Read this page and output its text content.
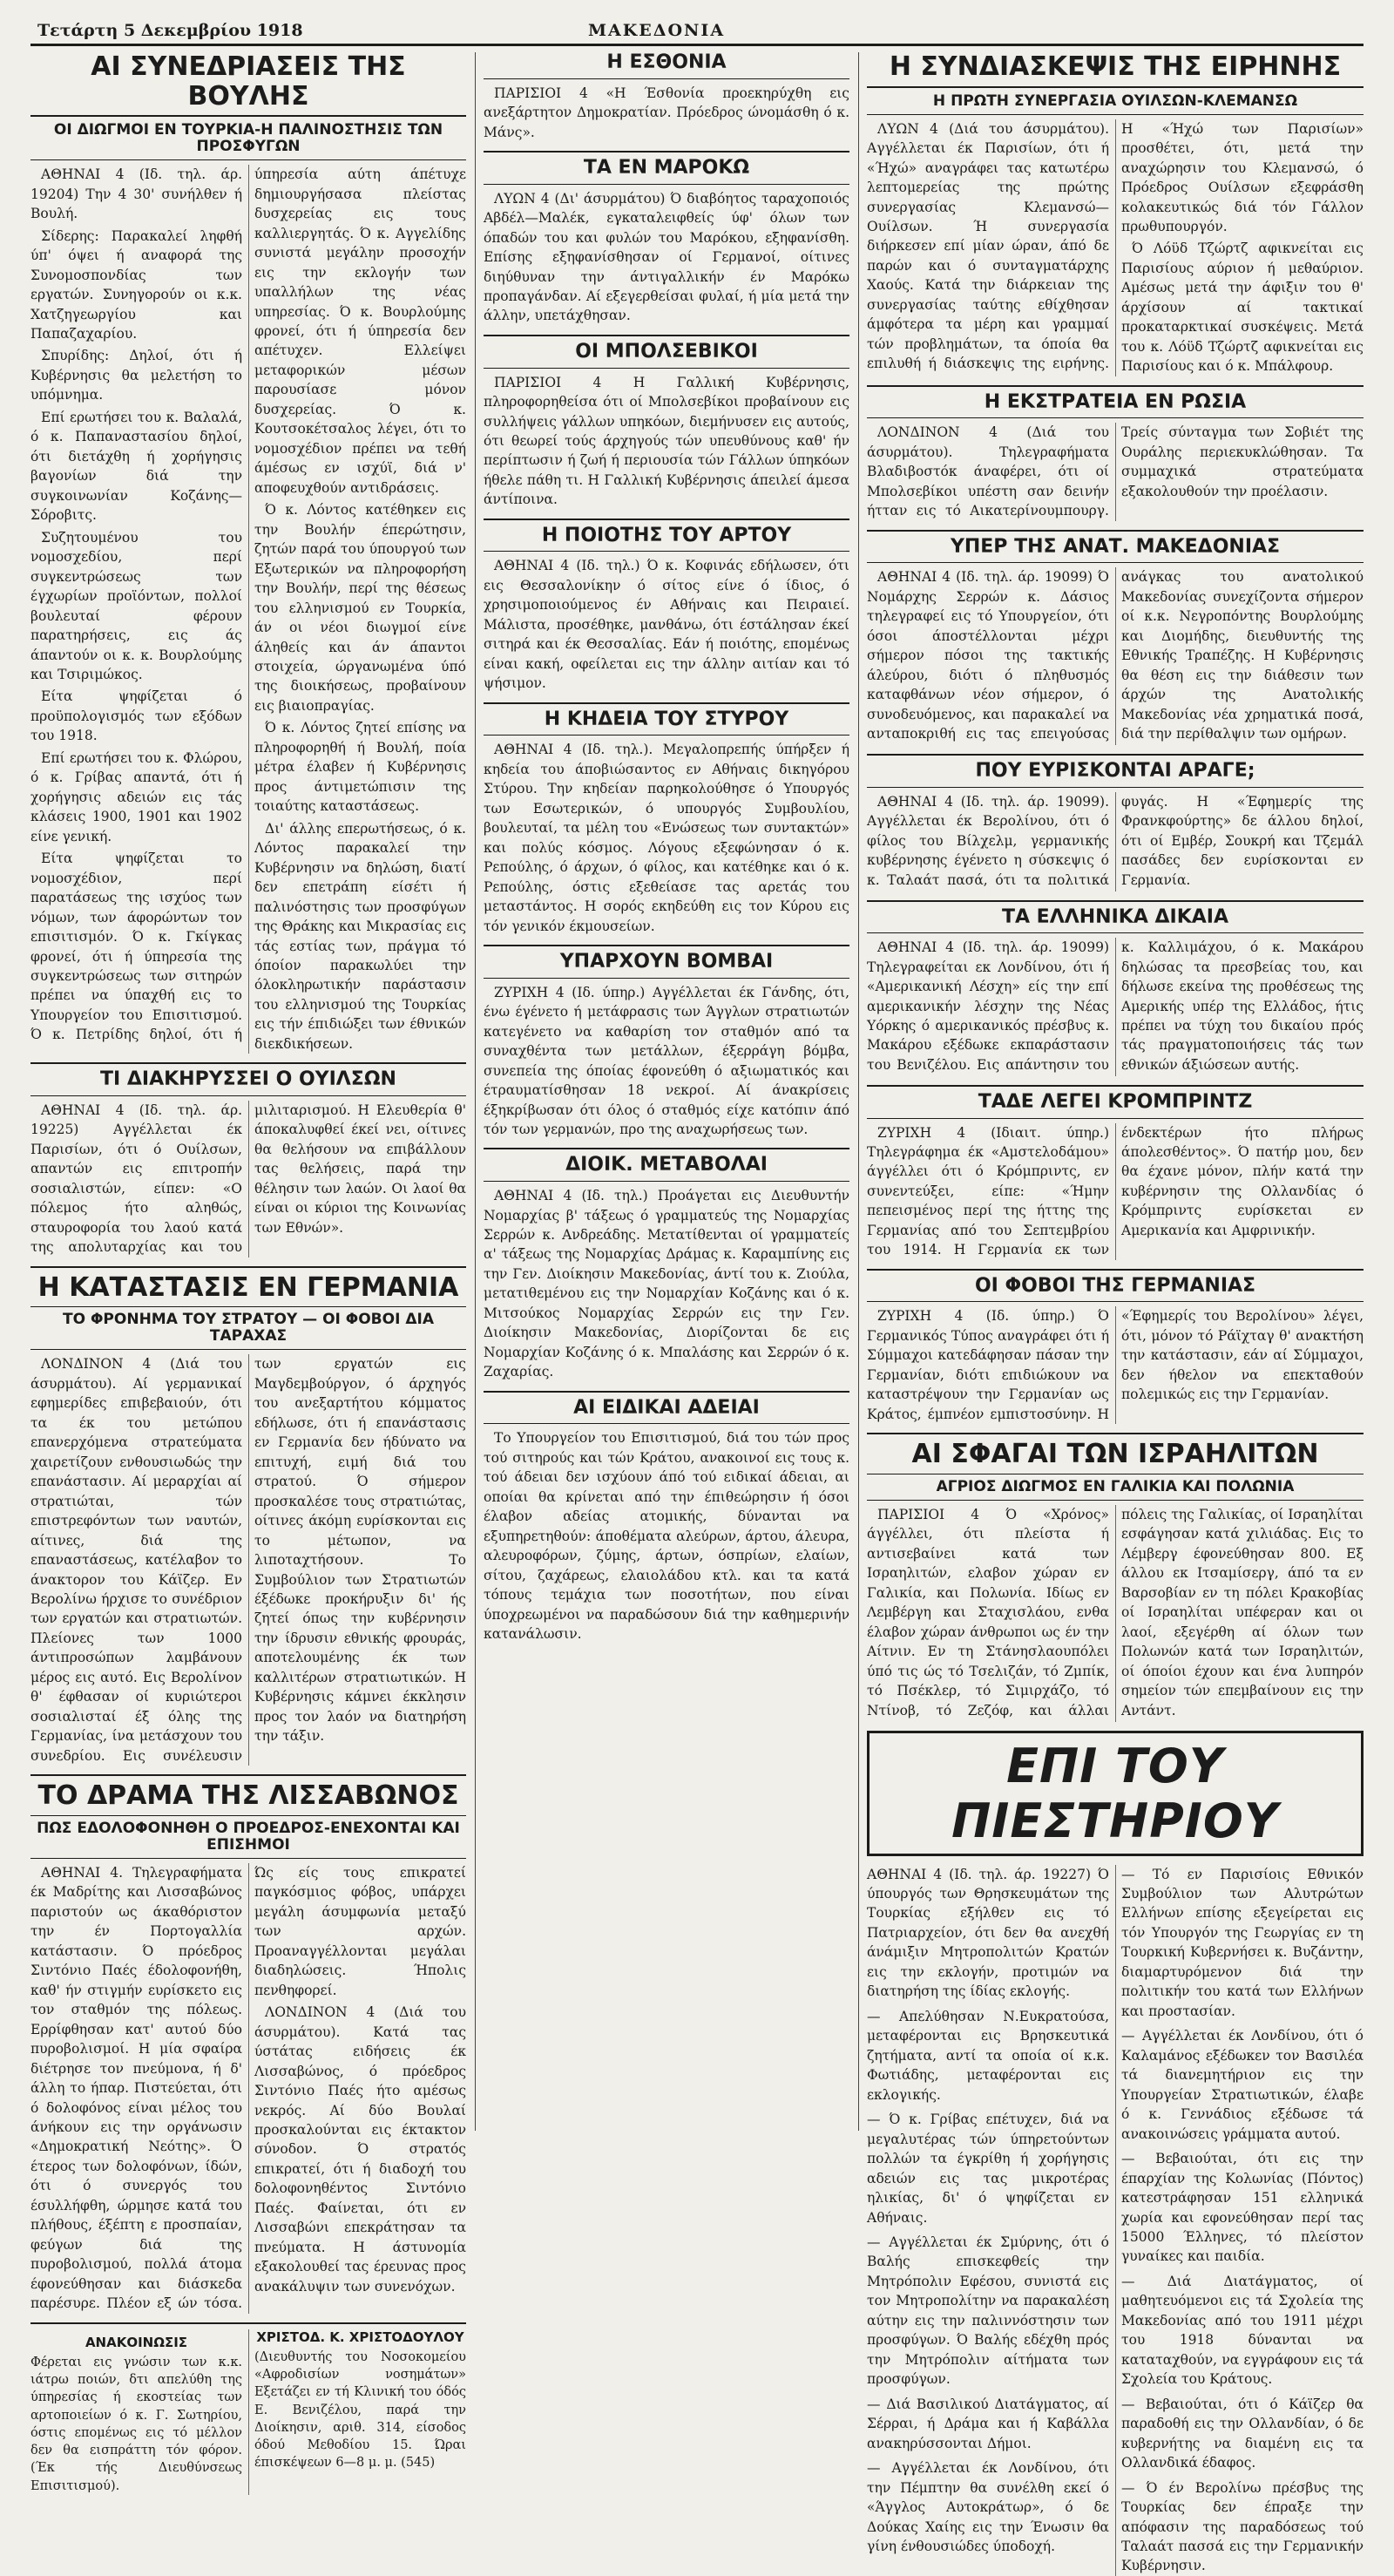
Τετάρτη 5 Δεκεμβρίου 1918	ΜΑΚΕΔΟΝΙΑ
ΑΙ ΣΥΝΕΔΡΙΑΣΕΙΣ ΤΗΣ ΒΟΥΛΗΣ
ΟΙ ΔΙΩΓΜΟΙ ΕΝ ΤΟΥΡΚΙΑ-Η ΠΑΛΙΝΟΣΤΗΣΙΣ ΤΩΝ ΠΡΟΣΦΥΓΩΝ

ΑΘΗΝΑΙ 4 (Ιδ. τηλ. άρ. 19204) Την 4 30' συνήλθεν ή Βουλή.

Σίδερης: Παρακαλεί ληφθή ύπ' όψει ή αναφορά της Συνομοσπονδίας των εργατών. Συνηγορούν οι κ.κ. Χατζηγεωργίου και Παπαζαχαρίου.

Σπυρίδης: Δηλοί, ότι ή Κυβέρνησις θα μελετήση το υπόμνημα.

Επί ερωτήσει του κ. Βαλαλά, ό κ. Παπαναστασίου δηλοί, ότι διετάχθη ή χορήγησις βαγονίων διά την συγκοινωνίαν Κοζάνης—Σόροβιτς.

Συζητουμένου του νομοσχεδίου, περί συγκεντρώσεως των έγχωρίων προϊόντων, πολλοί βουλευταί φέρουν παρατηρήσεις, εις άς άπαντούν οι κ. κ. Βουρλούμης και Τσιριμώκος.

Είτα ψηφίζεται ό προϋπολογισμός των εξόδων του 1918.

Επί ερωτήσει του κ. Φλώρου, ό κ. Γρίβας απαντά, ότι ή χορήγησις αδειών εις τάς κλάσεις 1900, 1901 και 1902 είνε γενική.

Είτα ψηφίζεται το νομοσχέδιον, περί παρατάσεως της ισχύος των νόμων, των άφορώντων τον επισιτισμόν. Ό κ. Γκίγκας φρονεί, ότι ή ύπηρεσία της συγκεντρώσεως των σιτηρών πρέπει να ύπαχθή εις το Υπουργείον του Επισιτισμού. Ό κ. Πετρίδης δηλοί, ότι ή ύπηρεσία αύτη άπέτυχε δημιουργήσασα πλείστας δυσχερείας εις τους καλλιεργητάς. Ό κ. Αγγελίδης συνιστά μεγάλην προσοχήν εις την εκλογήν των υπαλλήλων της νέας υπηρεσίας. Ό κ. Βουρλούμης φρονεί, ότι ή ύπηρεσία δεν απέτυχεν. Ελλείψει μεταφορικών μέσων παρουσίασε μόνον δυσχερείας. Ό κ. Κουτσοκέτσαλος λέγει, ότι το νομοσχέδιον πρέπει να τεθή άμέσως εν ισχύϊ, διά ν' αποφευχθούν αντιδράσεις.

Ό κ. Λόντος κατέθηκεν εις την Βουλήν έπερώτησιν, ζητών παρά του ύπουργού των Εξωτερικών να πληροφορήση την Βουλήν, περί της θέσεως του ελληνισμού εν Τουρκία, άν οι νέοι διωγμοί είνε άληθείς και άν άπαντοι στοιχεία, ώργανωμένα ύπό της διοικήσεως, προβαίνουν εις βιαιοπραγίας.

Ό κ. Λόντος ζητεί επίσης να πληροφορηθή ή Βουλή, ποία μέτρα έλαβεν ή Κυβέρνησις προς άντιμετώπισιν της τοιαύτης καταστάσεως.

Δι' άλλης επερωτήσεως, ό κ. Λόντος παρακαλεί την Κυβέρνησιν να δηλώση, διατί δεν επετράπη είσέτι ή παλινόστησις των προσφύγων της Θράκης και Μικρασίας εις τάς εστίας των, πράγμα τό όποίον παρακωλύει την όλοκληρωτικήν παράστασιν του ελληνισμού της Τουρκίας εις τήν έπιδιώξει των έθνικών διεκδικήσεων.

ΤΙ ΔΙΑΚΗΡΥΣΣΕΙ Ο ΟΥΙΛΣΩΝ

ΑΘΗΝΑΙ 4 (Ιδ. τηλ. άρ. 19225) Αγγέλλεται έκ Παρισίων, ότι ό Ουίλσων, απαντών εις επιτροπήν σοσιαλιστών, είπεν: «Ο πόλεμος ήτο αληθώς, σταυροφορία του λαού κατά της απολυταρχίας και του μιλιταρισμού. Η Ελευθερία θ' άποκαλυφθεί έκεί νει, οίτινες θα θελήσουν να επιβάλλουν τας θελήσεις, παρά την θέλησιν των λαών. Οι λαοί θα είναι οι κύριοι της Κοινωνίας των Εθνών».

Η ΚΑΤΑΣΤΑΣΙΣ ΕΝ ΓΕΡΜΑΝΙΑ
ΤΟ ΦΡΟΝΗΜΑ ΤΟΥ ΣΤΡΑΤΟΥ — ΟΙ ΦΟΒΟΙ ΔΙΑ ΤΑΡΑΧΑΣ

ΛΟΝΔΙΝΟΝ 4 (Διά του άσυρμάτου). Αί γερμανικαί εφημερίδες επιβεβαιούν, ότι τα έκ του μετώπου επανερχόμενα στρατεύματα χαιρετίζουν ενθουσιωδώς την επανάστασιν. Αί μεραρχίαι αί στρατιώται, τών επιστρεφόντων των ναυτών, αίτινες, διά της επαναστάσεως, κατέλαβον το άνακτορον του Κάϊζερ. Εν Βερολίνω ήρχισε το συνέδριον των εργατών και στρατιωτών. Πλείονες των 1000 άντιπροσώπων λαμβάνουν μέρος εις αυτό. Εις Βερολίνον θ' έφθασαν οί κυριώτεροι σοσιαλισταί έξ όλης της Γερμανίας, ίνα μετάσχουν του συνεδρίου. Εις συνέλευσιν των εργατών εις Μαγδεμβούργον, ό άρχηγός του ανεξαρτήτου κόμματος εδήλωσε, ότι ή επανάστασις εν Γερμανία δεν ήδύνατο να επιτυχή, ειμή διά του στρατού. Ό σήμερον προσκαλέσε τους στρατιώτας, οίτινες άκόμη ευρίσκονται εις το μέτωπον, να λιποταχτήσουν. Το Συμβούλιον των Στρατιωτών έξέδωκε προκήρυξιν δι' ής ζητεί όπως την κυβέρνησιν την ίδρυσιν εθνικής φρουράς, αποτελουμένης έκ των καλλιτέρων στρατιωτικών. Η Κυβέρνησις κάμνει έκκλησιν προς τον λαόν να διατηρήση την τάξιν.

ΤΟ ΔΡΑΜΑ ΤΗΣ ΛΙΣΣΑΒΩΝΟΣ
ΠΩΣ ΕΔΟΛΟΦΟΝΗΘΗ Ο ΠΡΟΕΔΡΟΣ-ΕΝΕΧΟΝΤΑΙ ΚΑΙ ΕΠΙΣΗΜΟΙ

ΑΘΗΝΑΙ 4. Τηλεγραφήματα έκ Μαδρίτης και Λισσαβώνος παριστούν ως άκαθόριστον την έν Πορτογαλλία κατάστασιν. Ό πρόεδρος Σιντόνιο Παές έδολοφονήθη, καθ' ήν στιγμήν ευρίσκετο εις τον σταθμόν της πόλεως. Ερρίφθησαν κατ' αυτού δύο πυροβολισμοί. Η μία σφαίρα διέτρησε τον πνεύμονα, ή δ' άλλη το ήπαρ. Πιστεύεται, ότι ό δολοφόνος είναι μέλος του άνήκουν εις την οργάνωσιν «Δημοκρατική Νεότης». Ό έτερος των δολοφόνων, ίδών, ότι ό συνεργός του έσυλλήφθη, ώρμησε κατά του πλήθους, έξέπτη ε προσπαίαν, φεύγων διά της πυροβολισμού, πολλά άτομα έφονεύθησαν και διάσκεδα παρέσυρε. Πλέον εξ ών τόσα. Ώς είς τους επικρατεί παγκόσμιος φόβος, υπάρχει μεγάλη άσυμφωνία μεταξύ των αρχών. Προαναγγέλλονται μεγάλαι διαδηλώσεις. Ήπολις πενθηφορεί.

ΛΟΝΔΙΝΟΝ 4 (Διά του άσυρμάτου). Κατά τας ύστάτας ειδήσεις έκ Λισσαβώνος, ό πρόεδρος Σιντόνιο Παές ήτο αμέσως νεκρός. Αί δύο Βουλαί προσκαλούνται εις έκτακτον σύνοδον. Ό στρατός επικρατεί, ότι ή διαδοχή του δολοφονηθέντος Σιντόνιο Παές. Φαίνεται, ότι εν Λισσαβώνι επεκράτησαν τα πνεύματα. Η άστυνομία εξακολουθεί τας έρευνας προς ανακάλυψιν των συνενόχων.

ΑΝΑΚΟΙΝΩΣΙΣ

Φέρεται εις γνώσιν των κ.κ. ιάτρω ποιών, δτι απελύθη της ύπηρεσίας ή εκοστείας των αρτοποιείων ό κ. Γ. Σωτηρίου, όστις επομένως εις τό μέλλον δεν θα εισπράττη τόν φόρον. (Έκ τής Διευθύνσεως Επισιτισμού).

ΧΡΙΣΤΟΔ. Κ. ΧΡΙΣΤΟΔΟΥΛΟΥ

(Διευθυντής του Νοσοκομείου «Αφροδισίων νοσημάτων» Εξετάζει εν τή Κλινική του όδός Ε. Βενιζέλου, παρά την Διοίκησιν, αριθ. 314, είσοδος όδού Μεθοδίου 15. Ώραι έπισκέψεων 6—8 μ. μ. (545)

Η ΕΣΘΟΝΙΑ

ΠΑΡΙΣΙΟΙ 4 «Η Έσθονία προεκηρύχθη εις ανεξάρτητον Δημοκρατίαν. Πρόεδρος ώνομάσθη ό κ. Μάνς».

ΤΑ ΕΝ ΜΑΡΟΚΩ

ΛΥΩΝ 4 (Δι' άσυρμάτου) Ό διαβόητος ταραχοποιός Αβδέλ—Μαλέκ, εγκαταλειφθείς ύφ' όλων των όπαδών του και φυλών του Μαρόκου, εξηφανίσθη. Επίσης εξηφανίσθησαν οί Γερμανοί, οίτινες διηύθυναν την άντιγαλλικήν έν Μαρόκω προπαγάνδαν. Αί εξεγερθείσαι φυλαί, ή μία μετά την άλλην, υπετάχθησαν.

ΟΙ ΜΠΟΛΣΕΒΙΚΟΙ

ΠΑΡΙΣΙΟΙ 4 Η Γαλλική Κυβέρνησις, πληροφορηθείσα ότι οί Μπολσεβίκοι προβαίνουν εις συλλήψεις γάλλων υπηκόων, διεμήνυσεν εις αυτούς, ότι θεωρεί τούς άρχηγούς τών υπευθύνους καθ' ήν περίπτωσιν ή ζωή ή περιουσία τών Γάλλων ύπηκόων ήθελε πάθη τι. Η Γαλλική Κυβέρνησις άπειλεί άμεσα άντίποινα.

Η ΠΟΙΟΤΗΣ ΤΟΥ ΑΡΤΟΥ

ΑΘΗΝΑΙ 4 (Ιδ. τηλ.) Ό κ. Κοφινάς εδήλωσεν, ότι εις Θεσσαλονίκην ό σίτος είνε ό ίδιος, ό χρησιμοποιούμενος έν Αθήναις και Πειραιεί. Μάλιστα, προσέθηκε, μανθάνω, ότι έστάλησαν έκεί σιτηρά και έκ Θεσσαλίας. Εάν ή ποιότης, επομένως είναι κακή, οφείλεται εις την άλλην αιτίαν και τό ψήσιμον.

Η ΚΗΔΕΙΑ ΤΟΥ ΣΤΥΡΟΥ

ΑΘΗΝΑΙ 4 (Ιδ. τηλ.). Μεγαλοπρεπής ύπήρξεν ή κηδεία του άποβιώσαντος εν Αθήναις δικηγόρου Στύρου. Την κηδείαν παρηκολούθησε ό Υπουργός των Εσωτερικών, ό υπουργός Συμβουλίου, βουλευταί, τα μέλη του «Ενώσεως των συντακτών» και πολύς κόσμος. Λόγους εξεφώνησαν ό κ. Ρεπούλης, ό άρχων, ό φίλος, και κατέθηκε και ό κ. Ρεπούλης, όστις εξεθείασε τας αρετάς του μεταστάντος. Η σορός εκηδεύθη εις τον Κύρου εις τόν γενικόν έκμουσείων.

ΥΠΑΡΧΟΥΝ ΒΟΜΒΑΙ

ΖΥΡΙΧΗ 4 (Ιδ. ύπηρ.) Αγγέλλεται έκ Γάνδης, ότι, ένω έγένετο ή μετάφρασις των Άγγλων στρατιωτών κατεγένετο να καθαρίση τον σταθμόν από τα συναχθέντα των μετάλλων, έξερράγη βόμβα, συνεπεία της όποίας έφονεύθη ό αξιωματικός και έτραυματίσθησαν 18 νεκροί. Αί άνακρίσεις έξηκρίβωσαν ότι όλος ό σταθμός είχε κατόπιν άπό τόν των γερμανών, προ της αναχωρήσεως των.

ΔΙΟΙΚ. ΜΕΤΑΒΟΛΑΙ

ΑΘΗΝΑΙ 4 (Ιδ. τηλ.) Προάγεται εις Διευθυντήν Νομαρχίας β' τάξεως ό γραμματεύς της Νομαρχίας Σερρών κ. Ανδρεάδης. Μετατίθενται οί γραμματείς α' τάξεως της Νομαρχίας Δράμας κ. Καραμπίνης εις την Γεν. Διοίκησιν Μακεδονίας, άντί του κ. Ζιούλα, μετατιθεμένου εις την Νομαρχίαν Κοζάνης και ό κ. Μιτσούκος Νομαρχίας Σερρών εις την Γεν. Διοίκησιν Μακεδονίας, Διορίζονται δε εις Νομαρχίαν Κοζάνης ό κ. Μπαλάσης και Σερρών ό κ. Ζαχαρίας.

ΑΙ ΕΙΔΙΚΑΙ ΑΔΕΙΑΙ

Το Υπουργείον του Επισιτισμού, διά του τών προς τού σιτηρούς και τών Κράτου, ανακοινοί εις τους κ. τού άδειαι δεν ισχύουν άπό τού ειδικαί άδειαι, αι οποίαι θα κρίνεται από την έπιθεώρησιν ή όσοι έλαβον αδείας ατομικής, δύνανται να εξυπηρετηθούν: άποθέματα αλεύρων, άρτου, άλευρα, αλευροφόρων, ζύμης, άρτων, όσπρίων, ελαίων, σίτου, ζαχάρεως, ελαιολάδου κτλ. και τα κατά τόπους τεμάχια των ποσοτήτων, που είναι ύποχρεωμένοι να παραδώσουν διά την καθημερινήν κατανάλωσιν.

Η ΣΥΝΔΙΑΣΚΕΨΙΣ ΤΗΣ ΕΙΡΗΝΗΣ
Η ΠΡΩΤΗ ΣΥΝΕΡΓΑΣΙΑ ΟΥΙΛΣΩΝ-ΚΛΕΜΑΝΣΩ

ΛΥΩΝ 4 (Διά του άσυρμάτου). Αγγέλλεται έκ Παρισίων, ότι ή «Ήχώ» αναγράφει τας κατωτέρω λεπτομερείας της πρώτης συνεργασίας Κλεμανσώ—Ουίλσων. Ή συνεργασία διήρκεσεν επί μίαν ώραν, άπό δε παρών και ό συνταγματάρχης Χαούς. Κατά την διάρκειαν της συνεργασίας ταύτης εθίχθησαν άμφότερα τα μέρη και γραμμαί τών προβλημάτων, τα όποία θα επιλυθή ή διάσκεψις της ειρήνης. Η «Ήχώ των Παρισίων» προσθέτει, ότι, μετά την αναχώρησιν του Κλεμανσώ, ό Πρόεδρος Ουίλσων εξεφράσθη κολακευτικώς διά τόν Γάλλον πρωθυπουργόν.

Ό Λόϋδ Τζώρτζ αφικνείται εις Παρισίους αύριον ή μεθαύριον. Αμέσως μετά την άφιξιν του θ' άρχίσουν αί τακτικαί προκαταρκτικαί συσκέψεις. Μετά του κ. Λόϋδ Τζώρτζ αφικνείται εις Παρισίους και ό κ. Μπάλφουρ.

Η ΕΚΣΤΡΑΤΕΙΑ ΕΝ ΡΩΣΙΑ

ΛΟΝΔΙΝΟΝ 4 (Διά του άσυρμάτου). Τηλεγραφήματα Βλαδιβοστόκ άναφέρει, ότι οί Μπολσεβίκοι υπέστη σαν δεινήν ήτταν εις τό Αικατερίνουμπουργ. Τρείς σύνταγμα των Σοβιέτ της Ουράλης περιεκυκλώθησαν. Τα συμμαχικά στρατεύματα εξακολουθούν την προέλασιν.

ΥΠΕΡ ΤΗΣ ΑΝΑΤ. ΜΑΚΕΔΟΝΙΑΣ

ΑΘΗΝΑΙ 4 (Ιδ. τηλ. άρ. 19099) Ό Νομάρχης Σερρών κ. Δάσιος τηλεγραφεί εις τό Υπουργείον, ότι όσοι άποστέλλονται μέχρι σήμερον πόσοι της τακτικής άλεύρου, διότι ό πληθυσμός καταφθάνων νέον σήμερον, ό συνοδευόμενος, και παρακαλεί να ανταποκριθή εις τας επειγούσας ανάγκας του ανατολικού Μακεδονίας συνεχίζοντα σήμερον οί κ.κ. Νεγροπόντης Βουρλούμης και Διομήδης, διευθυντής της Εθνικής Τραπέζης. Η Κυβέρνησις θα θέση εις την διάθεσιν των άρχών της Ανατολικής Μακεδονίας νέα χρηματικά ποσά, διά την περίθαλψιν των ομήρων.

ΠΟΥ ΕΥΡΙΣΚΟΝΤΑΙ ΑΡΑΓΕ;

ΑΘΗΝΑΙ 4 (Ιδ. τηλ. άρ. 19099). Αγγέλλεται έκ Βερολίνου, ότι ό φίλος του Βίλχελμ, γερμανικής κυβέρνησης έγένετο η σύσκεψις ό κ. Ταλαάτ πασά, ότι τα πολιτικά φυγάς. Η «Έφημερίς της Φρανκφούρτης» δε άλλου δηλοί, ότι οί Εμβέρ, Σουκρή και Τζεμάλ πασάδες δεν ευρίσκονται εν Γερμανία.

ΤΑ ΕΛΛΗΝΙΚΑ ΔΙΚΑΙΑ

ΑΘΗΝΑΙ 4 (Ιδ. τηλ. άρ. 19099) Τηλεγραφείται εκ Λονδίνου, ότι ή «Αμερικανική Λέσχη» είς την επί αμερικανικήν λέσχην της Νέας Υόρκης ό αμερικανικός πρέσβυς κ. Μακάρου εξέδωκε εκπαράστασιν του Βενιζέλου. Εις απάντησιν του κ. Καλλιμάχου, ό κ. Μακάρου δηλώσας τα πρεσβείας του, και δήλωσε εκείνα της προθέσεως της Αμερικής υπέρ της Ελλάδος, ήτις πρέπει να τύχη του δικαίου πρός τάς πραγματοποιήσεις τάς των εθνικών άξιώσεων αυτής.

ΤΑΔΕ ΛΕΓΕΙ ΚΡΟΜΠΡΙΝΤΖ

ΖΥΡΙΧΗ 4 (Ιδιαιτ. ύπηρ.) Τηλεγράφημα έκ «Αμστελοδάμου» άγγέλλει ότι ό Κρόμπριντς, εν συνεντεύξει, είπε: «Ήμην πεπεισμένος περί της ήττης της Γερμανίας από του Σεπτεμβρίου του 1914. Η Γερμανία εκ των ένδεκτέρων ήτο πλήρως άπολεσθέντος». Ό πατήρ μου, δεν θα έχανε μόνον, πλήν κατά την κυβέρνησιν της Ολλανδίας ό Κρόμπριντς ευρίσκεται εν Αμερικανία και Αμφρινικήν.

ΟΙ ΦΟΒΟΙ ΤΗΣ ΓΕΡΜΑΝΙΑΣ

ΖΥΡΙΧΗ 4 (Ιδ. ύπηρ.) Ό Γερμανικός Τύπος αναγράφει ότι ή Σύμμαχοι κατεδάφησαν πάσαν την Γερμανίαν, διότι επιδιώκουν να καταστρέψουν την Γερμανίαν ως Κράτος, έμπνέον εμπιστοσύνην. Η «Έφημερίς του Βερολίνου» λέγει, ότι, μόνον τό Ράϊχταγ θ' ανακτήση την κατάστασιν, εάν αί Σύμμαχοι, δεν ήθελον να επεκταθούν πολεμικώς εις την Γερμανίαν.

ΑΙ ΣΦΑΓΑΙ ΤΩΝ ΙΣΡΑΗΛΙΤΩΝ
ΑΓΡΙΟΣ ΔΙΩΓΜΟΣ ΕΝ ΓΑΛΙΚΙΑ ΚΑΙ ΠΟΛΩΝΙΑ

ΠΑΡΙΣΙΟΙ 4 Ό «Χρόνος» άγγέλλει, ότι πλείστα ή αντισεβαίνει κατά των Ισραηλιτών, ελαβον χώραν εν Γαλικία, και Πολωνία. Ιδίως εν Λεμβέργη και Σταχισλάου, ενθα έλαβον χώραν άνθρωποι ως έν την Αίτνιν. Εν τη Στάνησλαουπόλει ύπό τις ώς τό Τσελιζάν, τό Ζμπίκ, τό Πσέκλερ, τό Σιμιρχάζο, τό Ντίνοβ, τό Ζεζόφ, και άλλαι πόλεις της Γαλικίας, οί Ισραηλίται εσφάγησαν κατά χιλιάδας. Εις το Λέμβεργ έφονεύθησαν 800. Εξ άλλου εκ Ιτσαμίσεργ, άπό τα εν Βαρσοβίαν εν τη πόλει Κρακοβίας οί Ισραηλίται υπέφεραν και οι λαοί, εξεγέρθη αί όλων των Πολωνών κατά των Ισραηλιτών, οί όποίοι έχουν και ένα λυπηρόν σημείον τών επεμβαίνουν εις την Αντάντ.

ΕΠΙ ΤΟΥ ΠΙΕΣΤΗΡΙΟΥ

ΑΘΗΝΑΙ 4 (Ιδ. τηλ. άρ. 19227) Ό ύπουργός των Θρησκευμάτων της Τουρκίας εξήλθεν εις τό Πατριαρχείον, ότι δεν θα ανεχθή άνάμιξιν Μητροπολιτών Κρατών εις την εκλογήν, προτιμών να διατηρήση της ίδίας εκλογής.

— Απελύθησαν Ν.Ευκρατούσα, μεταφέρονται εις Βρησκευτικά ζητήματα, αντί τα οποία οί κ.κ. Φωτιάδης, μεταφέρονται εις εκλογικής.

— Ό κ. Γρίβας επέτυχεν, διά να μεγαλυτέρας τών ύπηρετούντων πολλών τα έγκρίθη ή χορήγησις αδειών εις τας μικροτέρας ηλικίας, δι' ό ψηφίζεται εν Αθήναις.

— Αγγέλλεται έκ Σμύρνης, ότι ό Βαλής επισκεφθείς την Μητρόπολιν Εφέσου, συνιστά εις τον Μητροπολίτην να παρακαλέση αύτην εις την παλιννόστησιν των προσφύγων. Ό Βαλής εδέχθη πρός την Μητρόπολιν αίτήματα των προσφύγων.

— Διά Βασιλικού Διατάγματος, αί Σέρραι, ή Δράμα και ή Καβάλλα ανακηρύσσονται Δήμοι.

— Αγγέλλεται έκ Λονδίνου, ότι την Πέμπτην θα συνέλθη εκεί ό «Άγγλος Αυτοκράτωρ», ό δε Δούκας Χαίης εις την Ένωσιν θα γίνη ένθουσιώδες ύποδοχή.

— Τό εν Παρισίοις Εθνικόν Συμβούλιον των Αλυτρώτων Ελλήνων επίσης εξεγείρεται εις τόν Υπουργόν της Γεωργίας εν τη Τουρκική Κυβερνήσει κ. Βυζάντην, διαμαρτυρόμενον διά την πολιτικήν του κατά των Ελλήνων και προστασίαν.

— Αγγέλλεται έκ Λονδίνου, ότι ό Καλαμάνος εξέδωκεν τον Βασιλέα τά διανεμητήριον εις την Υπουργείαν Στρατιωτικών, έλαβε ό κ. Γεννάδιος εξέδωσε τά ανακοινώσεις γράμματα αυτού.

— Βεβαιούται, ότι εις την έπαρχίαν της Κολωνίας (Πόντος) κατεστράφησαν 151 ελληνικά χωρία και εφονεύθησαν περί τας 15000 Έλληνες, τό πλείστον γυναίκες και παιδία.

— Διά Διατάγματος, οί μαθητευόμενοι εις τά Σχολεία της Μακεδονίας από του 1911 μέχρι του 1918 δύνανται να καταταχθούν, να εγγράφουν εις τά Σχολεία του Κράτους.

— Βεβαιούται, ότι ό Κάϊζερ θα παραδοθή εις την Ολλανδίαν, ό δε κυβερνήτης να διαμένη εις τα Ολλανδικά έδαφος.

— Ό έν Βερολίνω πρέσβυς της Τουρκίας δεν έπραξε την απόφασιν της παραδόσεως τού Ταλαάτ πασσά εις την Γερμανικήν Κυβέρνησιν.
